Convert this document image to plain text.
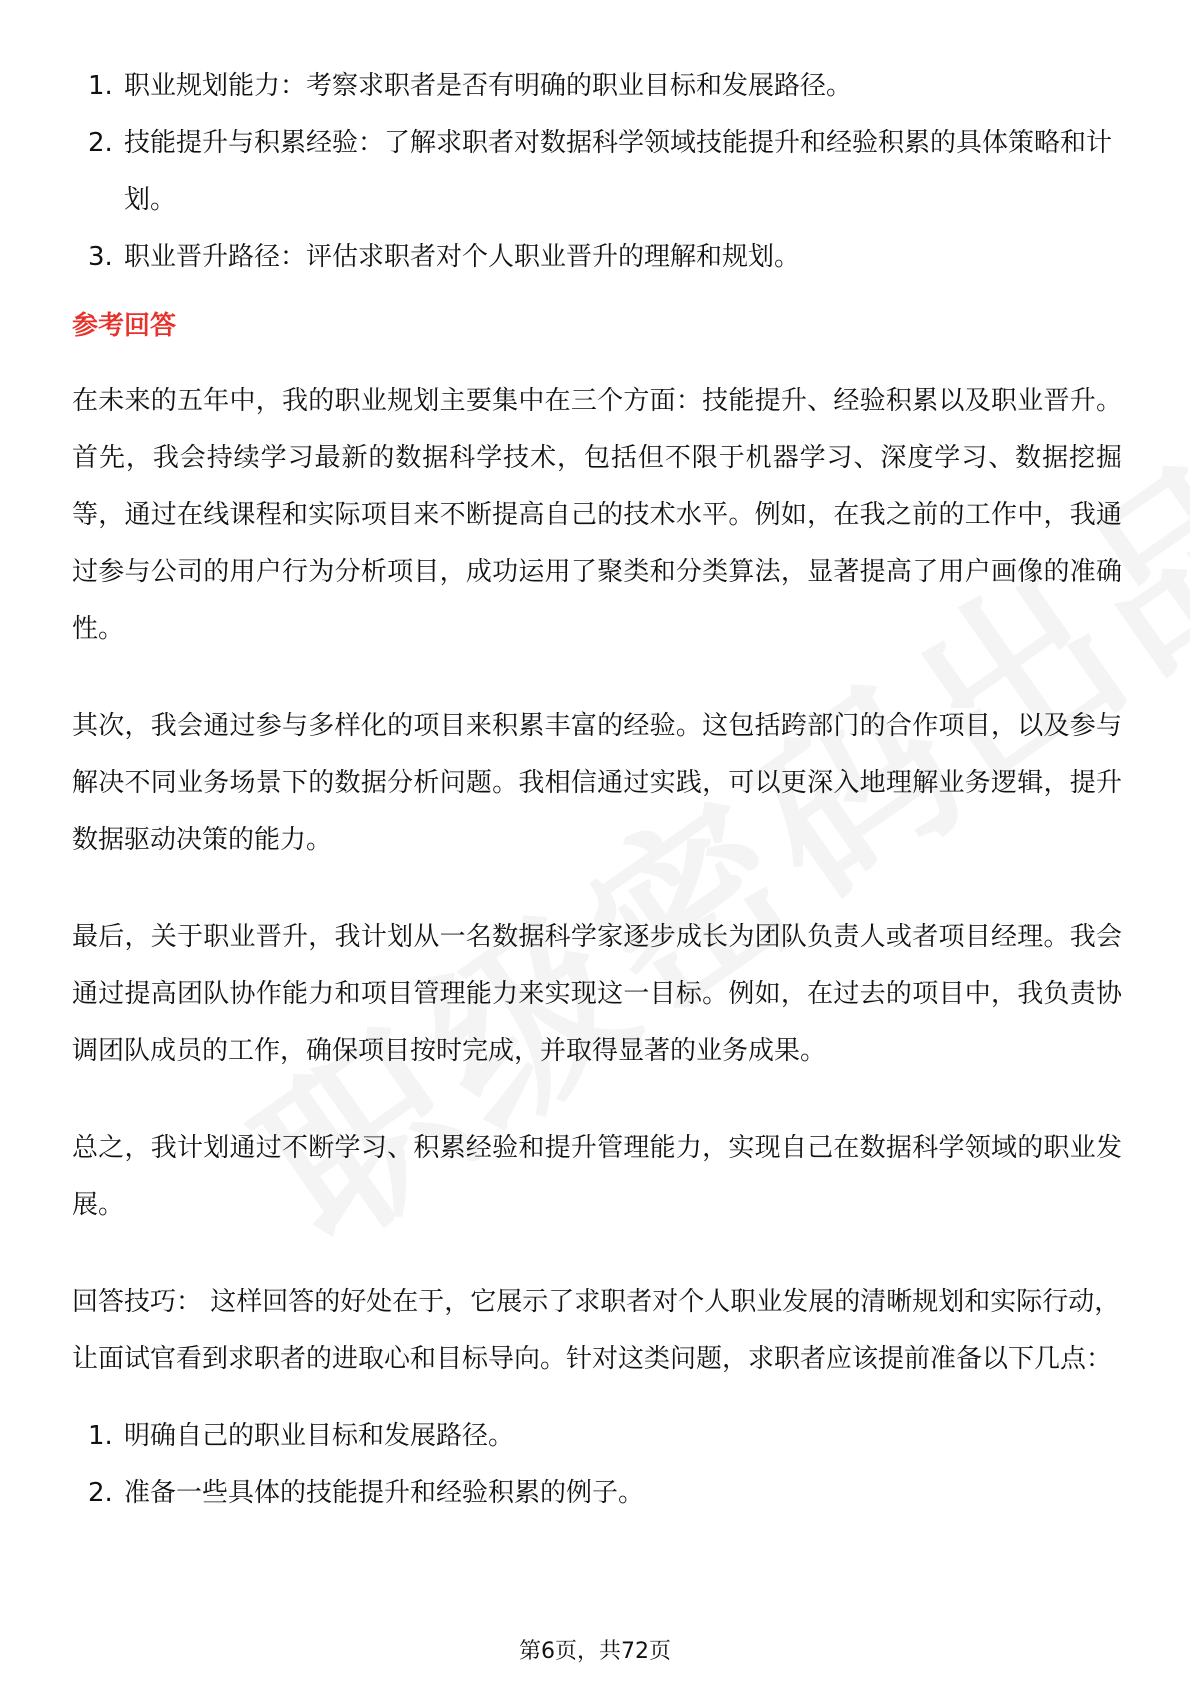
1. 职业规划能力：考察求职者是否有明确的职业目标和发展路径。
2. 技能提升与积累经验：了解求职者对数据科学领域技能提升和经验积累的具体策略和计划。
3. 职业晋升路径：评估求职者对个人职业晋升的理解和规划。
参考回答

在未来的五年中，我的职业规划主要集中在三个方面：技能提升、经验积累以及职业晋升。首先，我会持续学习最新的数据科学技术，包括但不限于机器学习、深度学习、数据挖掘等，通过在线课程和实际项目来不断提高自己的技术水平。例如，在我之前的工作中，我通过参与公司的用户行为分析项目，成功运用了聚类和分类算法，显著提高了用户画像的准确性。

其次，我会通过参与多样化的项目来积累丰富的经验。这包括跨部门的合作项目，以及参与解决不同业务场景下的数据分析问题。我相信通过实践，可以更深入地理解业务逻辑，提升数据驱动决策的能力。

最后，关于职业晋升，我计划从一名数据科学家逐步成长为团队负责人或者项目经理。我会通过提高团队协作能力和项目管理能力来实现这一目标。例如，在过去的项目中，我负责协调团队成员的工作，确保项目按时完成，并取得显著的业务成果。

总之，我计划通过不断学习、积累经验和提升管理能力，实现自己在数据科学领域的职业发展。

回答技巧： 这样回答的好处在于，它展示了求职者对个人职业发展的清晰规划和实际行动，让面试官看到求职者的进取心和目标导向。针对这类问题，求职者应该提前准备以下几点：

1. 明确自己的职业目标和发展路径。
2. 准备一些具体的技能提升和经验积累的例子。
第6页，共72页
